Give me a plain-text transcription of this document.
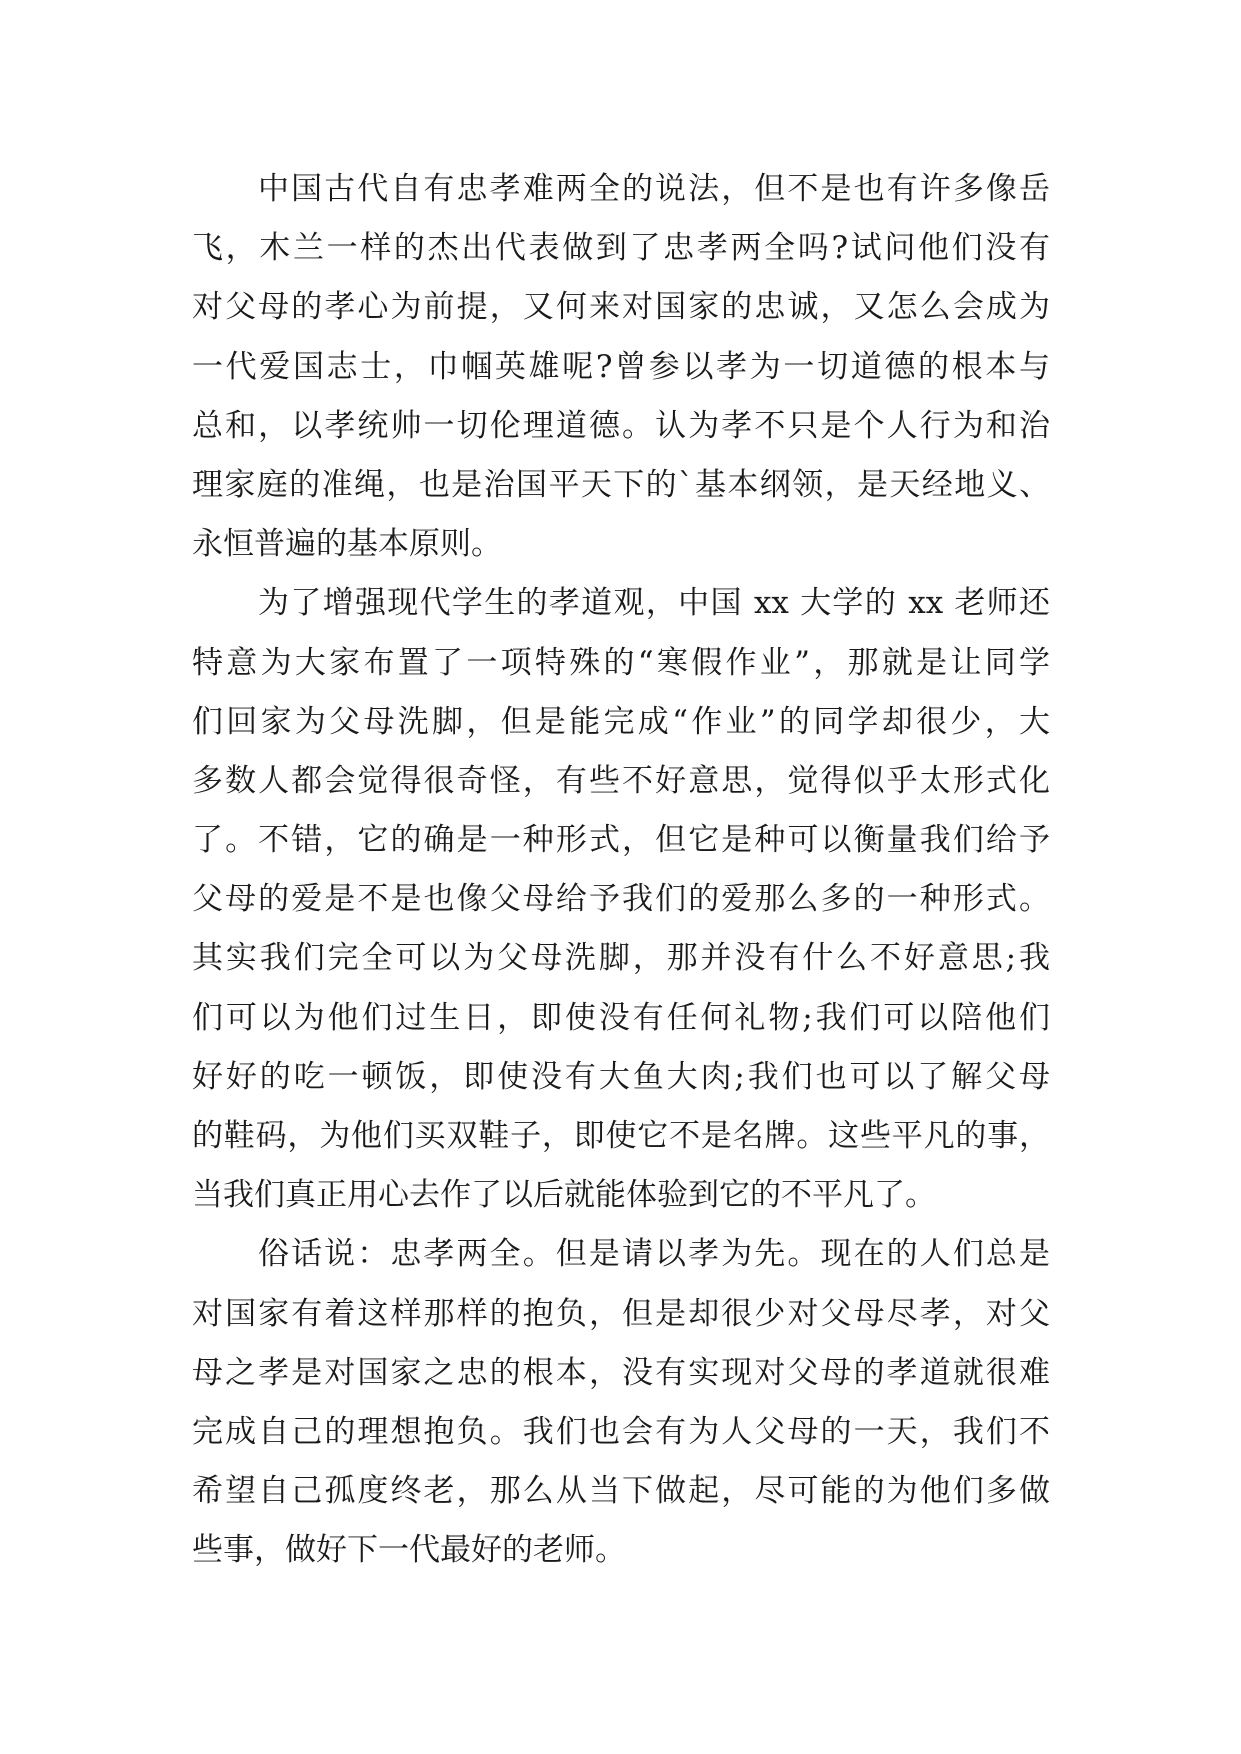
中国古代自有忠孝难两全的说法，但不是也有许多像岳
飞，木兰一样的杰出代表做到了忠孝两全吗?试问他们没有
对父母的孝心为前提，又何来对国家的忠诚，又怎么会成为
一代爱国志士，巾帼英雄呢?曾参以孝为一切道德的根本与
总和，以孝统帅一切伦理道德。认为孝不只是个人行为和治
理家庭的准绳，也是治国平天下的`基本纲领，是天经地义、
永恒普遍的基本原则。
为了增强现代学生的孝道观，中国 xx 大学的 xx 老师还
特意为大家布置了一项特殊的“寒假作业”，那就是让同学
们回家为父母洗脚，但是能完成“作业”的同学却很少，大
多数人都会觉得很奇怪，有些不好意思，觉得似乎太形式化
了。不错，它的确是一种形式，但它是种可以衡量我们给予
父母的爱是不是也像父母给予我们的爱那么多的一种形式。
其实我们完全可以为父母洗脚，那并没有什么不好意思;我
们可以为他们过生日，即使没有任何礼物;我们可以陪他们
好好的吃一顿饭，即使没有大鱼大肉;我们也可以了解父母
的鞋码，为他们买双鞋子，即使它不是名牌。这些平凡的事，
当我们真正用心去作了以后就能体验到它的不平凡了。
俗话说：忠孝两全。但是请以孝为先。现在的人们总是
对国家有着这样那样的抱负，但是却很少对父母尽孝，对父
母之孝是对国家之忠的根本，没有实现对父母的孝道就很难
完成自己的理想抱负。我们也会有为人父母的一天，我们不
希望自己孤度终老，那么从当下做起，尽可能的为他们多做
些事，做好下一代最好的老师。
